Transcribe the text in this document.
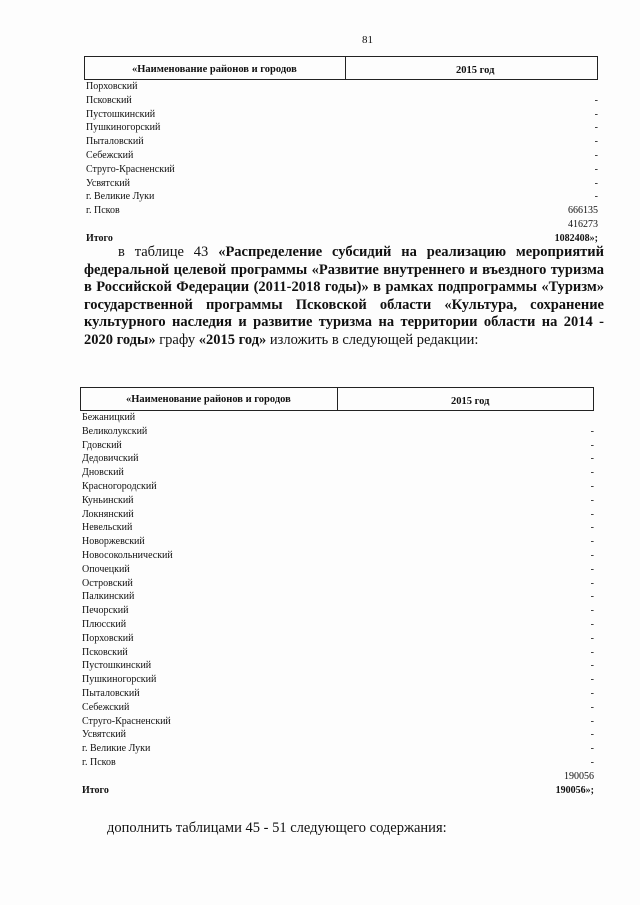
81
«Наименование районов и городов	2015 год
Порховский
Псковский	-
Пустошкинский	-
Пушкиногорский	-
Пыталовский	-
Себежский	-
Струго-Красненский	-
Усвятский	-
г. Великие Луки	-
г. Псков	666135
416273
Итого	1082408»;
в таблице 43 «Распределение субсидий на реализацию мероприятий федеральной целевой программы «Развитие внутреннего и въездного туризма в Российской Федерации (2011-2018 годы)» в рамках подпрограммы «Туризм» государственной программы Псковской области «Культура, сохранение культурного наследия и развитие туризма на территории области на 2014 - 2020 годы» графу «2015 год» изложить в следующей редакции:
«Наименование районов и городов	2015 год
Бежаницкий
Великолукский	-
Гдовский	-
Дедовичский	-
Дновский	-
Красногородский	-
Куньинский	-
Локнянский	-
Невельский	-
Новоржевский	-
Новосокольнический	-
Опочецкий	-
Островский	-
Палкинский	-
Печорский	-
Плюсский	-
Порховский	-
Псковский	-
Пустошкинский	-
Пушкиногорский	-
Пыталовский	-
Себежский	-
Струго-Красненский	-
Усвятский	-
г. Великие Луки	-
г. Псков	-
190056
Итого	190056»;
дополнить таблицами 45 - 51 следующего содержания:
